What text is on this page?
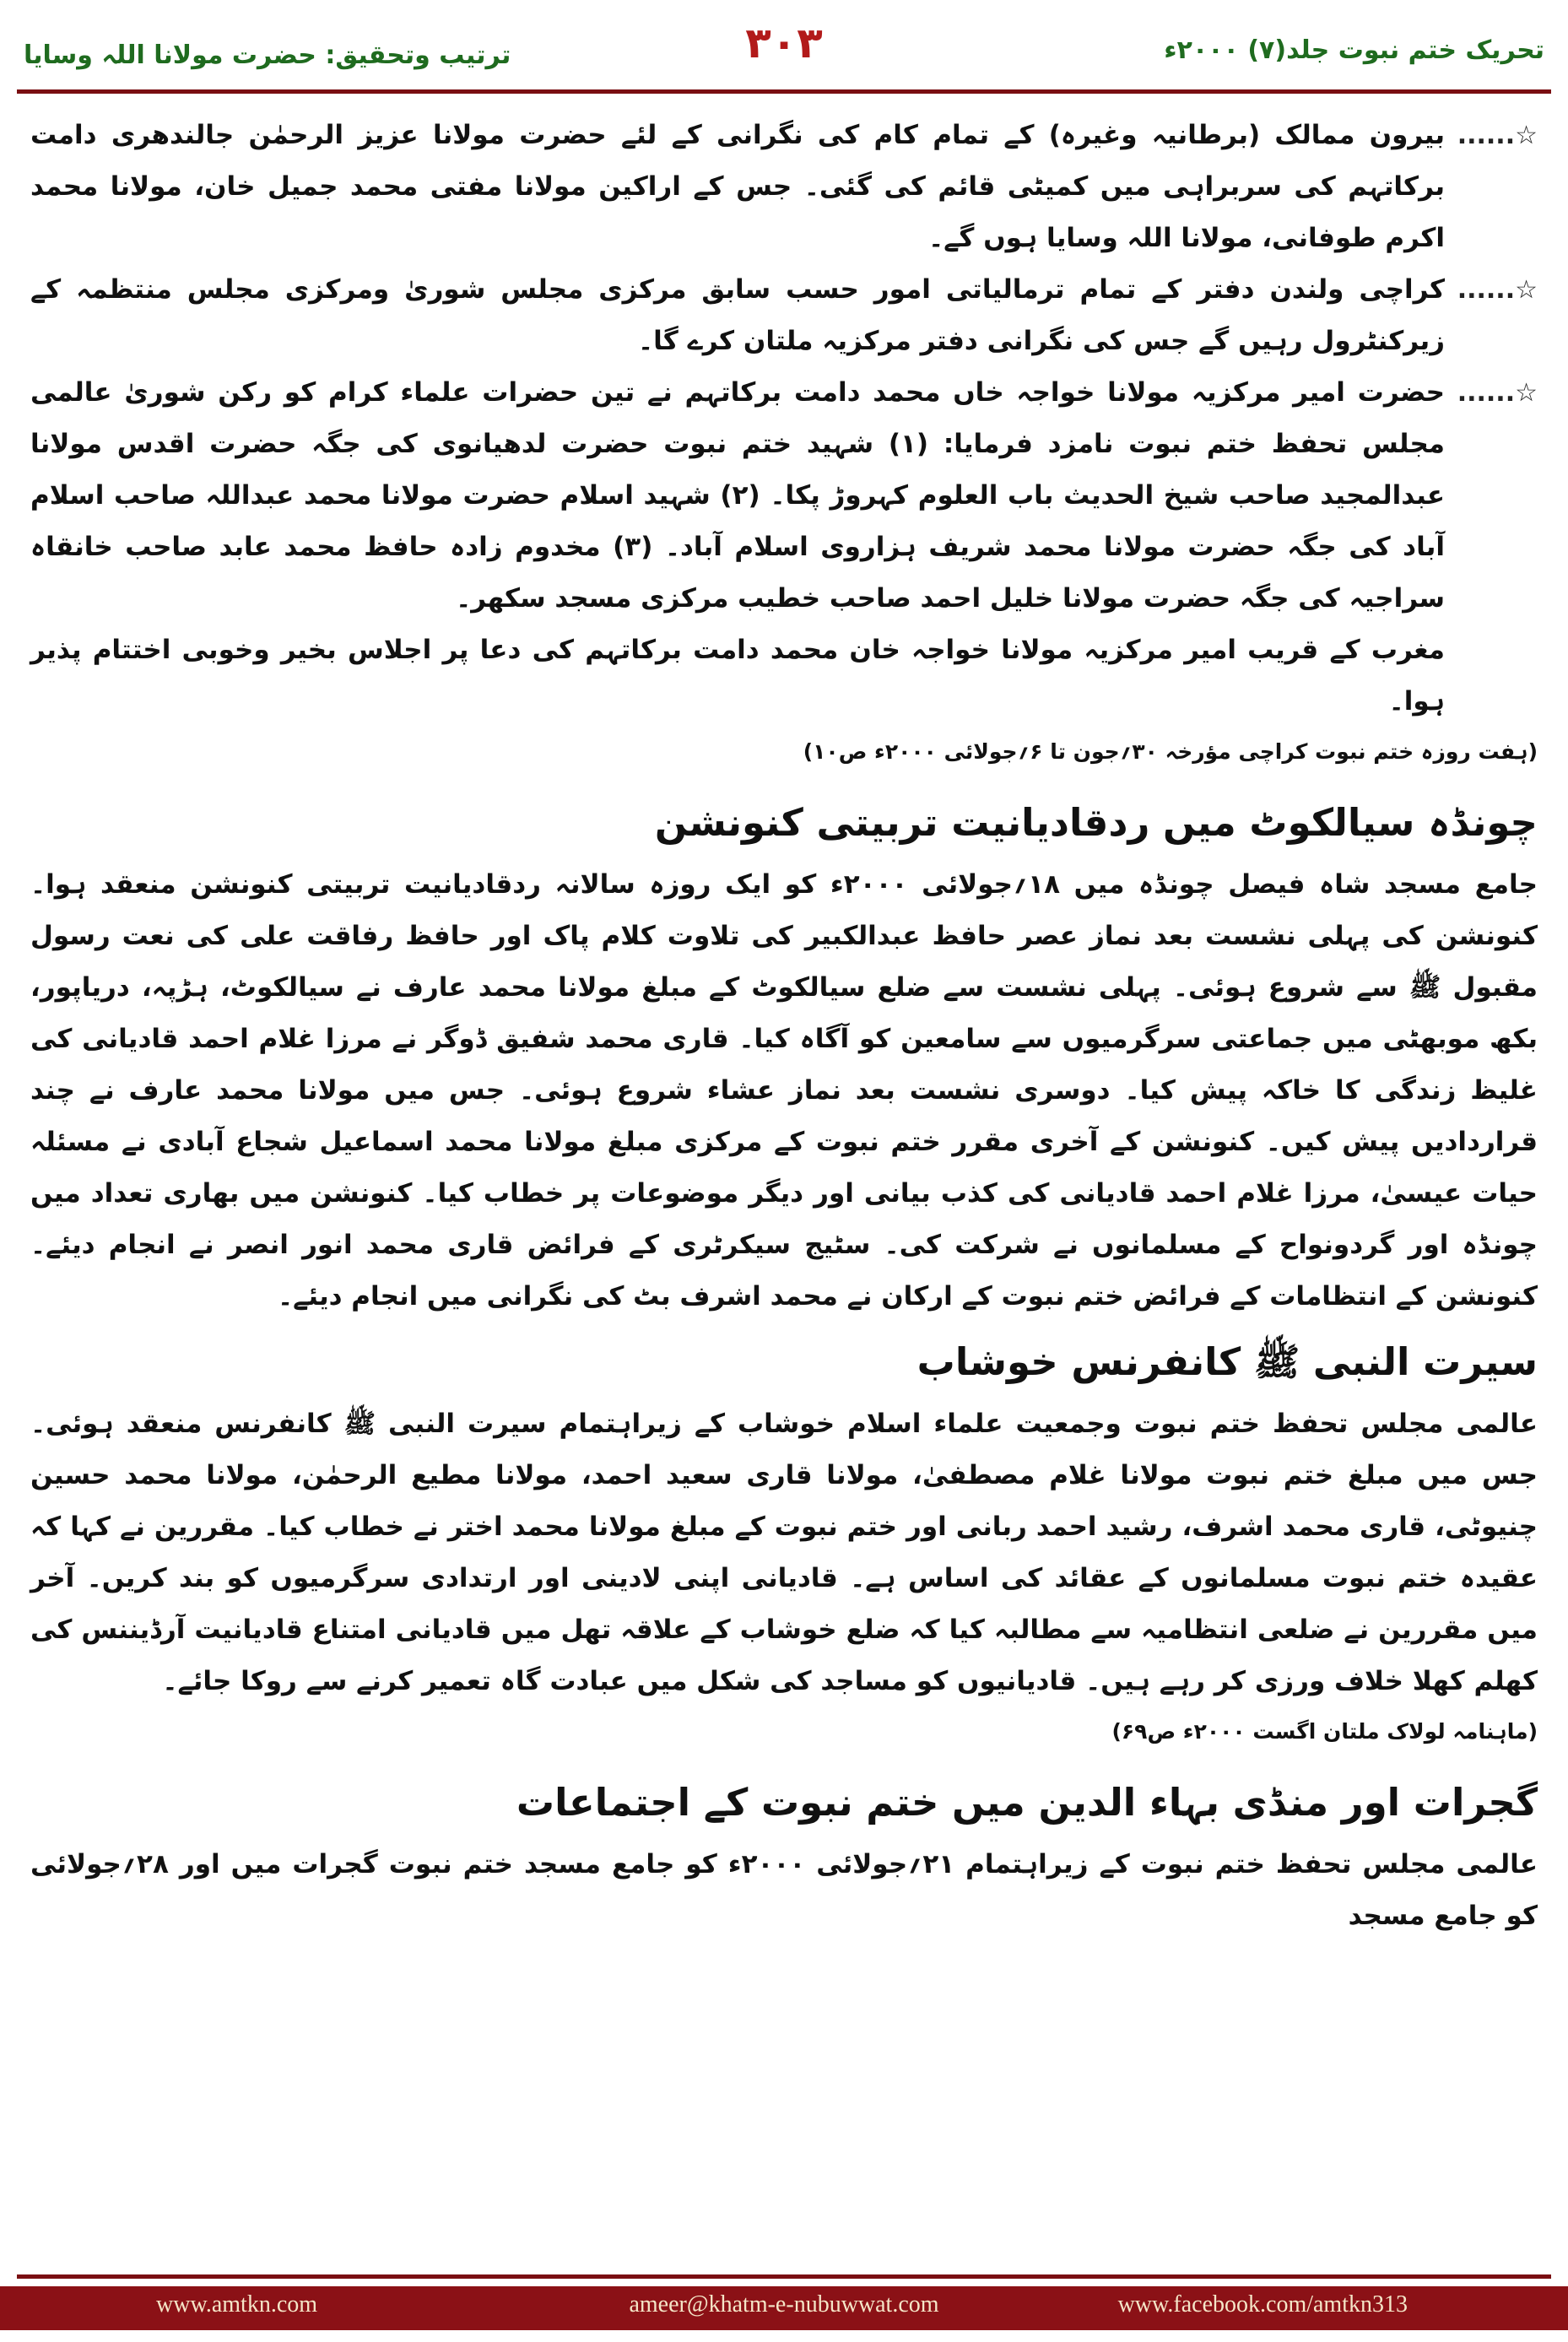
ترتیب وتحقیق: حضرت مولانا اللہ وسایا	۳۰۳	تحریک ختم نبوت جلد(۷) ۲۰۰۰ء
☆......

بیرون ممالک (برطانیہ وغیرہ) کے تمام کام کی نگرانی کے لئے حضرت مولانا عزیز الرحمٰن جالندھری دامت برکاتہم کی سربراہی میں کمیٹی قائم کی گئی۔ جس کے اراکین مولانا مفتی محمد جمیل خان، مولانا محمد اکرم طوفانی، مولانا اللہ وسایا ہوں گے۔

☆......

کراچی ولندن دفتر کے تمام ترمالیاتی امور حسب سابق مرکزی مجلس شوریٰ ومرکزی مجلس منتظمہ کے زیرکنٹرول رہیں گے جس کی نگرانی دفتر مرکزیہ ملتان کرے گا۔

☆......

حضرت امیر مرکزیہ مولانا خواجہ خاں محمد دامت برکاتہم نے تین حضرات علماء کرام کو رکن شوریٰ عالمی مجلس تحفظ ختم نبوت نامزد فرمایا: (۱) شہید ختم نبوت حضرت لدھیانوی کی جگہ حضرت اقدس مولانا عبدالمجید صاحب شیخ الحدیث باب العلوم کہروڑ پکا۔ (۲) شہید اسلام حضرت مولانا محمد عبداللہ صاحب اسلام آباد کی جگہ حضرت مولانا محمد شریف ہزاروی اسلام آباد۔ (۳) مخدوم زادہ حافظ محمد عابد صاحب خانقاہ سراجیہ کی جگہ حضرت مولانا خلیل احمد صاحب خطیب مرکزی مسجد سکھر۔

مغرب کے قریب امیر مرکزیہ مولانا خواجہ خان محمد دامت برکاتہم کی دعا پر اجلاس بخیر وخوبی اختتام پذیر ہوا۔

(ہفت روزہ ختم نبوت کراچی مؤرخہ ۳۰؍جون تا ۶؍جولائی ۲۰۰۰ء ص۱۰)
چونڈہ سیالکوٹ میں ردقادیانیت تربیتی کنونشن

جامع مسجد شاہ فیصل چونڈہ میں ۱۸؍جولائی ۲۰۰۰ء کو ایک روزہ سالانہ ردقادیانیت تربیتی کنونشن منعقد ہوا۔ کنونشن کی پہلی نشست بعد نماز عصر حافظ عبدالکبیر کی تلاوت کلام پاک اور حافظ رفاقت علی کی نعت رسول مقبول ﷺ سے شروع ہوئی۔ پہلی نشست سے ضلع سیالکوٹ کے مبلغ مولانا محمد عارف نے سیالکوٹ، ہڑپہ، دریاپور، بکھ موبھٹی میں جماعتی سرگرمیوں سے سامعین کو آگاہ کیا۔ قاری محمد شفیق ڈوگر نے مرزا غلام احمد قادیانی کی غلیظ زندگی کا خاکہ پیش کیا۔ دوسری نشست بعد نماز عشاء شروع ہوئی۔ جس میں مولانا محمد عارف نے چند قراردادیں پیش کیں۔ کنونشن کے آخری مقرر ختم نبوت کے مرکزی مبلغ مولانا محمد اسماعیل شجاع آبادی نے مسئلہ حیات عیسیٰ، مرزا غلام احمد قادیانی کی کذب بیانی اور دیگر موضوعات پر خطاب کیا۔ کنونشن میں بھاری تعداد میں چونڈہ اور گردونواح کے مسلمانوں نے شرکت کی۔ سٹیج سیکرٹری کے فرائض قاری محمد انور انصر نے انجام دیئے۔ کنونشن کے انتظامات کے فرائض ختم نبوت کے ارکان نے محمد اشرف بٹ کی نگرانی میں انجام دیئے۔

سیرت النبی ﷺ کانفرنس خوشاب

عالمی مجلس تحفظ ختم نبوت وجمعیت علماء اسلام خوشاب کے زیراہتمام سیرت النبی ﷺ کانفرنس منعقد ہوئی۔ جس میں مبلغ ختم نبوت مولانا غلام مصطفیٰ، مولانا قاری سعید احمد، مولانا مطیع الرحمٰن، مولانا محمد حسین چنیوٹی، قاری محمد اشرف، رشید احمد ربانی اور ختم نبوت کے مبلغ مولانا محمد اختر نے خطاب کیا۔ مقررین نے کہا کہ عقیدہ ختم نبوت مسلمانوں کے عقائد کی اساس ہے۔ قادیانی اپنی لادینی اور ارتدادی سرگرمیوں کو بند کریں۔ آخر میں مقررین نے ضلعی انتظامیہ سے مطالبہ کیا کہ ضلع خوشاب کے علاقہ تھل میں قادیانی امتناع قادیانیت آرڈیننس کی کھلم کھلا خلاف ورزی کر رہے ہیں۔ قادیانیوں کو مساجد کی شکل میں عبادت گاہ تعمیر کرنے سے روکا جائے۔

(ماہنامہ لولاک ملتان اگست ۲۰۰۰ء ص۶۹)
گجرات اور منڈی بہاء الدین میں ختم نبوت کے اجتماعات

عالمی مجلس تحفظ ختم نبوت کے زیراہتمام ۲۱؍جولائی ۲۰۰۰ء کو جامع مسجد ختم نبوت گجرات میں اور ۲۸؍جولائی کو جامع مسجد

www.amtkn.com	ameer@khatm-e-nubuwwat.com	www.facebook.com/amtkn313
